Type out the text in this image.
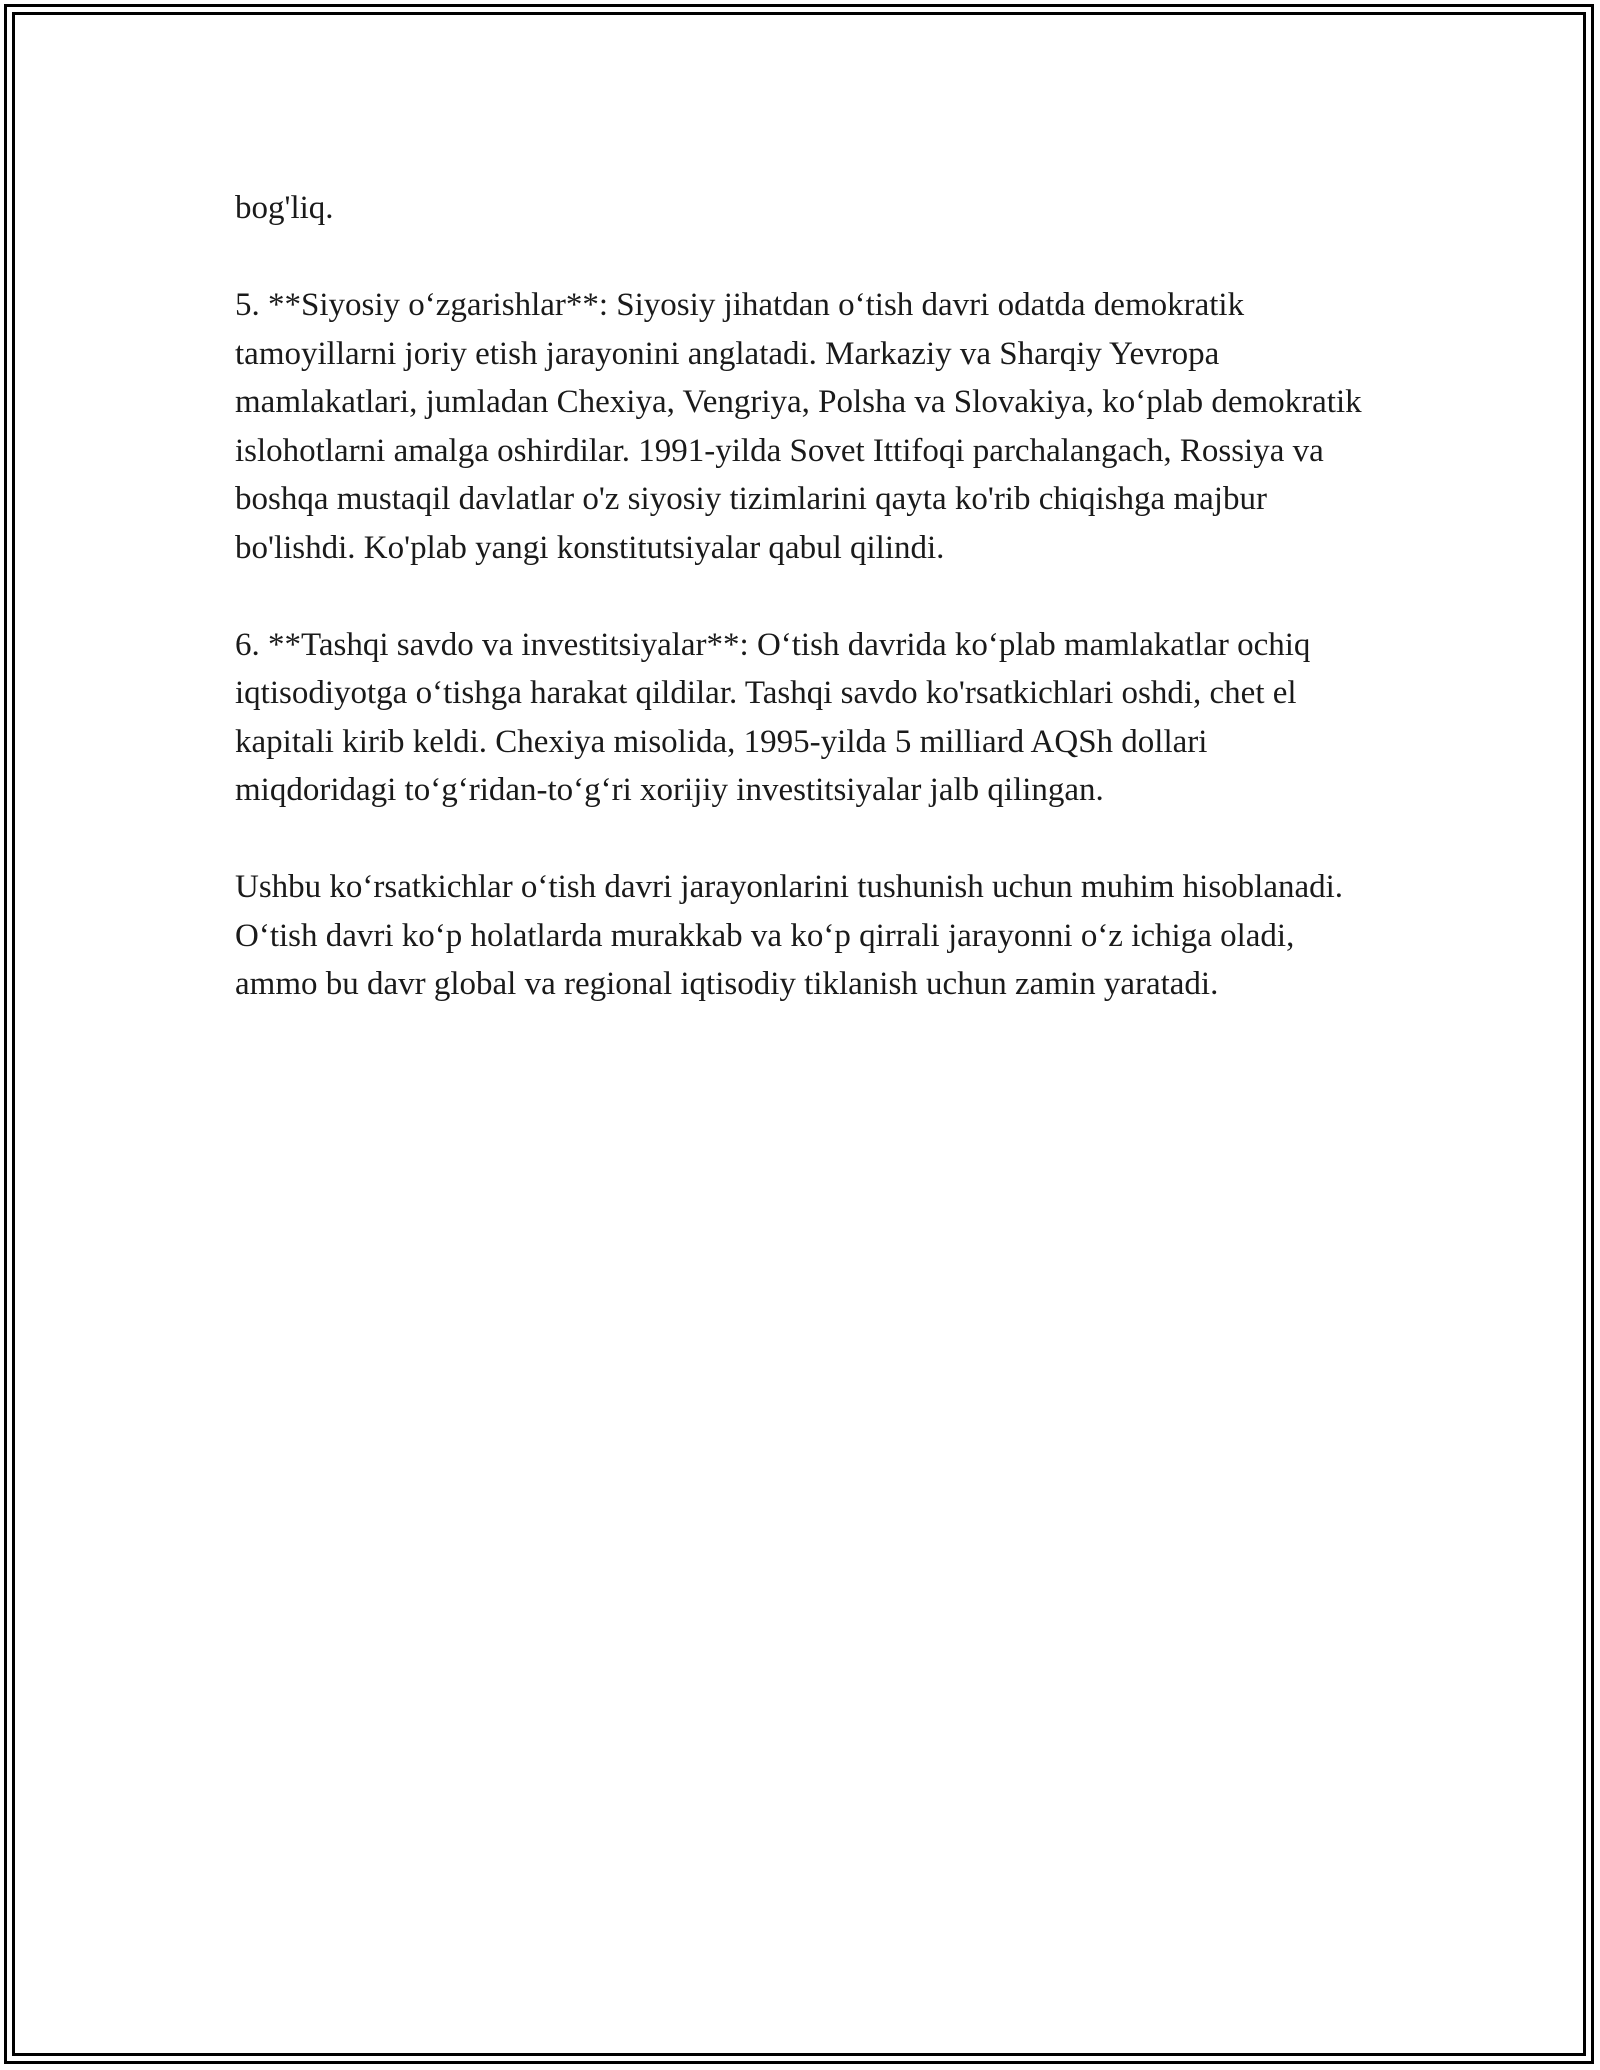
bog'liq.

5. **Siyosiy oʻzgarishlar**: Siyosiy jihatdan oʻtish davri odatda demokratik tamoyillarni joriy etish jarayonini anglatadi. Markaziy va Sharqiy Yevropa mamlakatlari, jumladan Chexiya, Vengriya, Polsha va Slovakiya, koʻplab demokratik islohotlarni amalga oshirdilar. 1991-yilda Sovet Ittifoqi parchalangach, Rossiya va boshqa mustaqil davlatlar o'z siyosiy tizimlarini qayta ko'rib chiqishga majbur bo'lishdi. Ko'plab yangi konstitutsiyalar qabul qilindi.

6. **Tashqi savdo va investitsiyalar**: Oʻtish davrida koʻplab mamlakatlar ochiq iqtisodiyotga oʻtishga harakat qildilar. Tashqi savdo ko'rsatkichlari oshdi, chet el kapitali kirib keldi. Chexiya misolida, 1995-yilda 5 milliard AQSh dollari miqdoridagi toʻgʻridan-toʻgʻri xorijiy investitsiyalar jalb qilingan.

Ushbu koʻrsatkichlar oʻtish davri jarayonlarini tushunish uchun muhim hisoblanadi. Oʻtish davri koʻp holatlarda murakkab va koʻp qirrali jarayonni oʻz ichiga oladi, ammo bu davr global va regional iqtisodiy tiklanish uchun zamin yaratadi.
